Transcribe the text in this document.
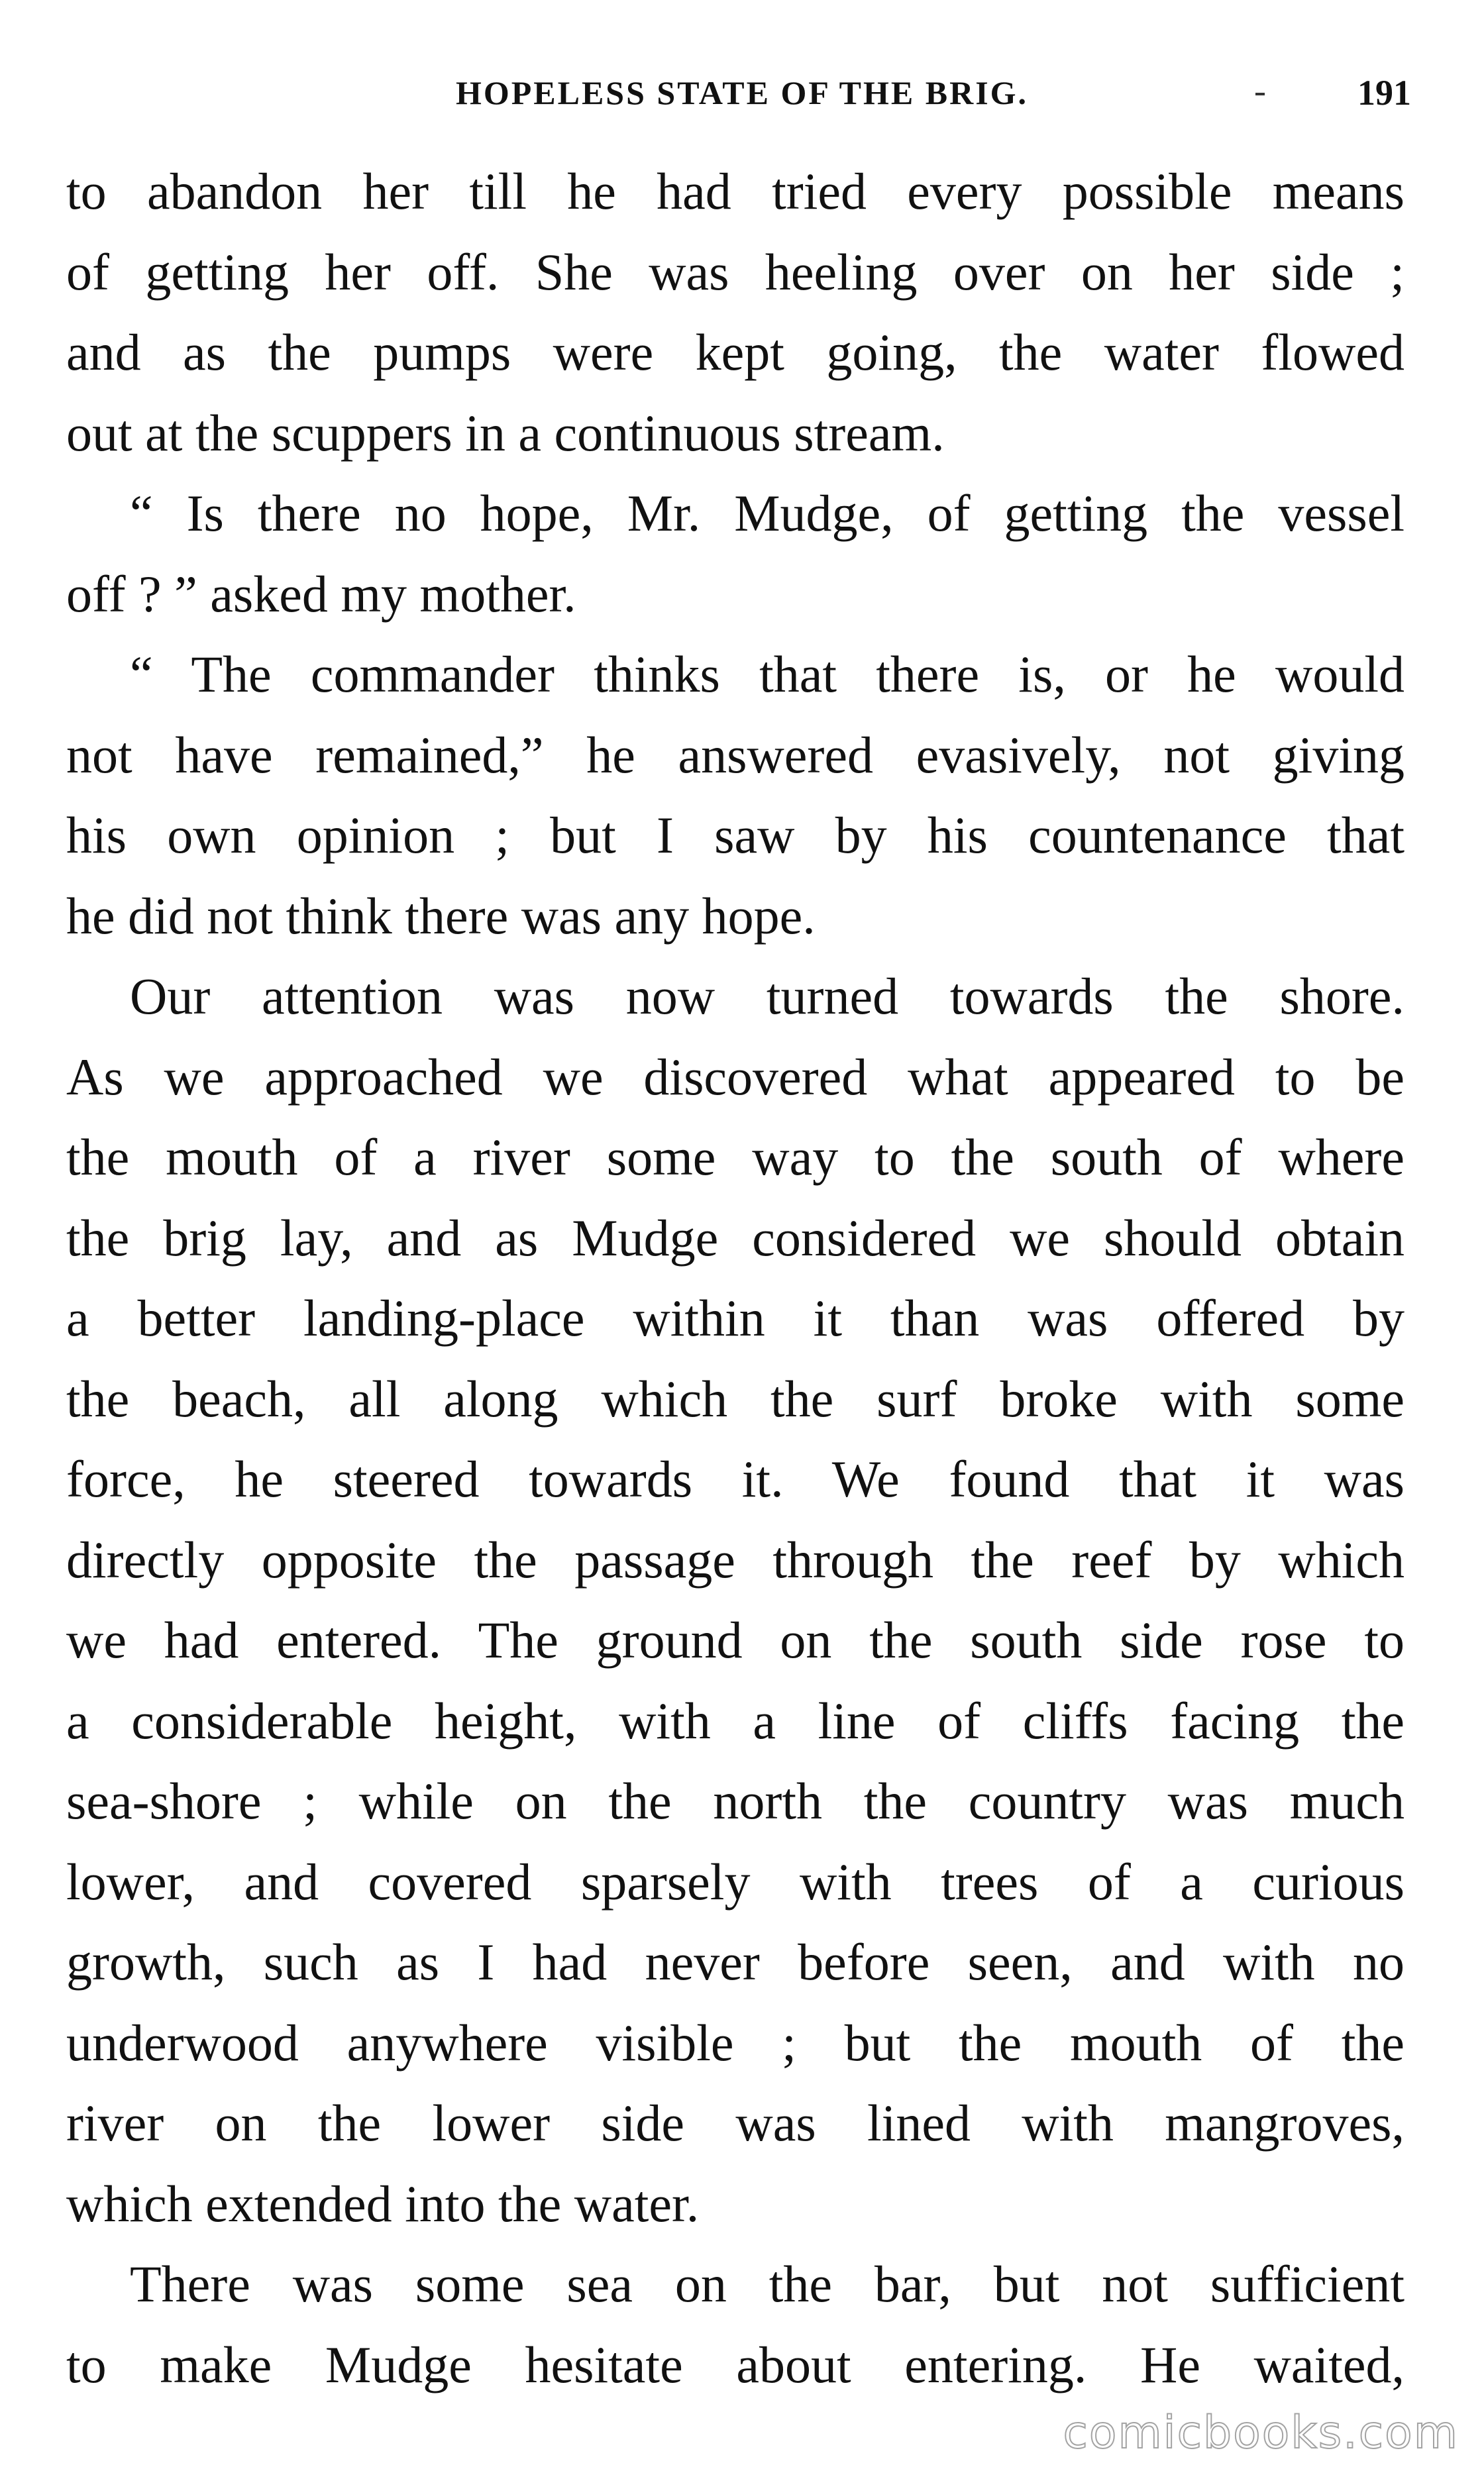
HOPELESS STATE OF THE BRIG.	191
to abandon her till he had tried every possible means
of getting her off. She was heeling over on her side ;
and as the pumps were kept going, the water flowed
out at the scuppers in a continuous stream.
“ Is there no hope, Mr. Mudge, of getting the vessel
off ? ” asked my mother.
“ The commander thinks that there is, or he would
not have remained,” he answered evasively, not giving
his own opinion ; but I saw by his countenance that
he did not think there was any hope.
Our attention was now turned towards the shore.
As we approached we discovered what appeared to be
the mouth of a river some way to the south of where
the brig lay, and as Mudge considered we should obtain
a better landing-place within it than was offered by
the beach, all along which the surf broke with some
force, he steered towards it. We found that it was
directly opposite the passage through the reef by which
we had entered. The ground on the south side rose to
a considerable height, with a line of cliffs facing the
sea-shore ; while on the north the country was much
lower, and covered sparsely with trees of a curious
growth, such as I had never before seen, and with no
underwood anywhere visible ; but the mouth of the
river on the lower side was lined with mangroves,
which extended into the water.
There was some sea on the bar, but not sufficient
to make Mudge hesitate about entering. He waited,
comicbooks.com
